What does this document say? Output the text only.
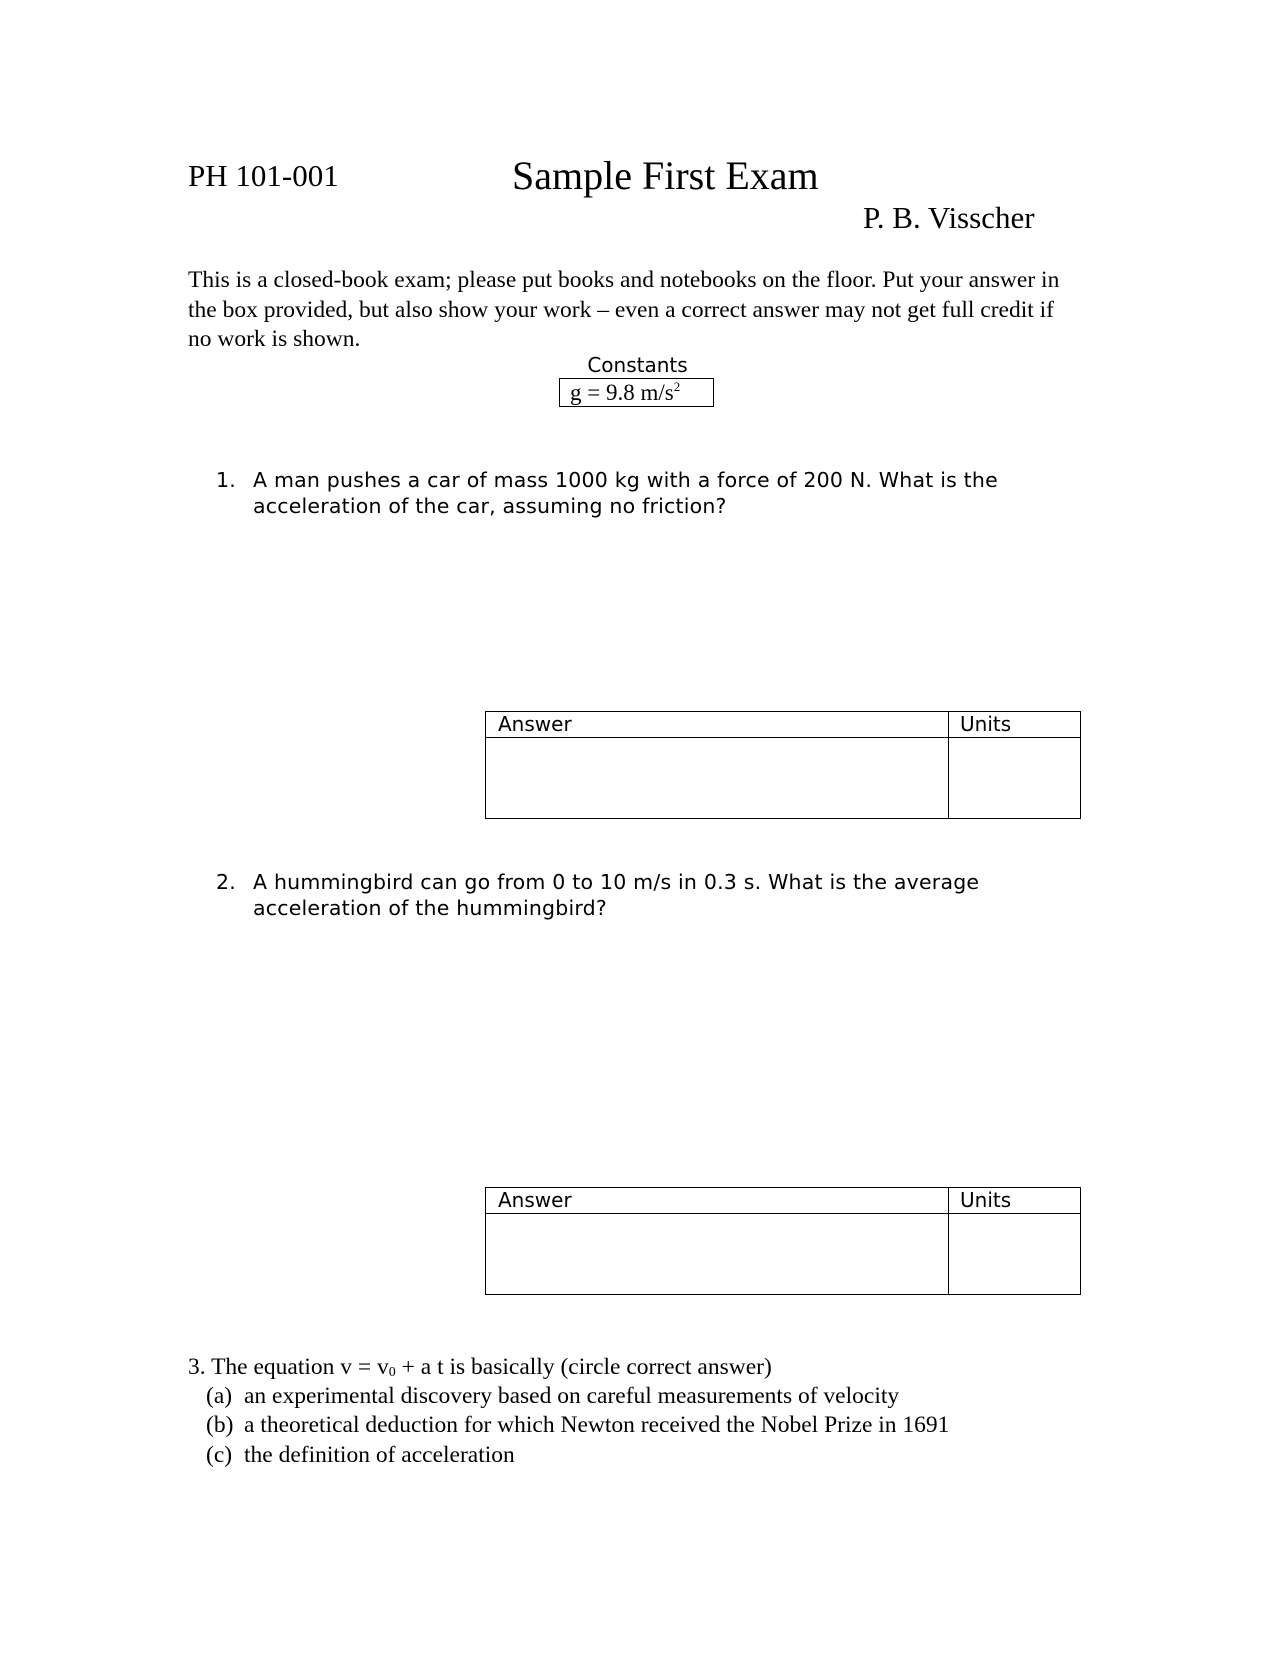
PH 101-001	Sample First Exam
P. B. Visscher
This is a closed-book exam; please put books and notebooks on the floor. Put your answer in the box provided, but also show your work – even a correct answer may not get full credit if no work is shown.
Constants
g = 9.8 $m/s^2$
1. A man pushes a car of mass 1000 kg with a force of 200 N. What is the
acceleration of the car, assuming no friction?
Answer	Units
2. A hummingbird can go from 0 to 10 m/s in 0.3 s. What is the average
acceleration of the hummingbird?
Answer	Units
3. The equation $v = v_0 + a$ t is basically (circle correct answer)
(a) an experimental discovery based on careful measurements of velocity
(b) a theoretical deduction for which Newton received the Nobel Prize in 1691
(c) the definition of acceleration
